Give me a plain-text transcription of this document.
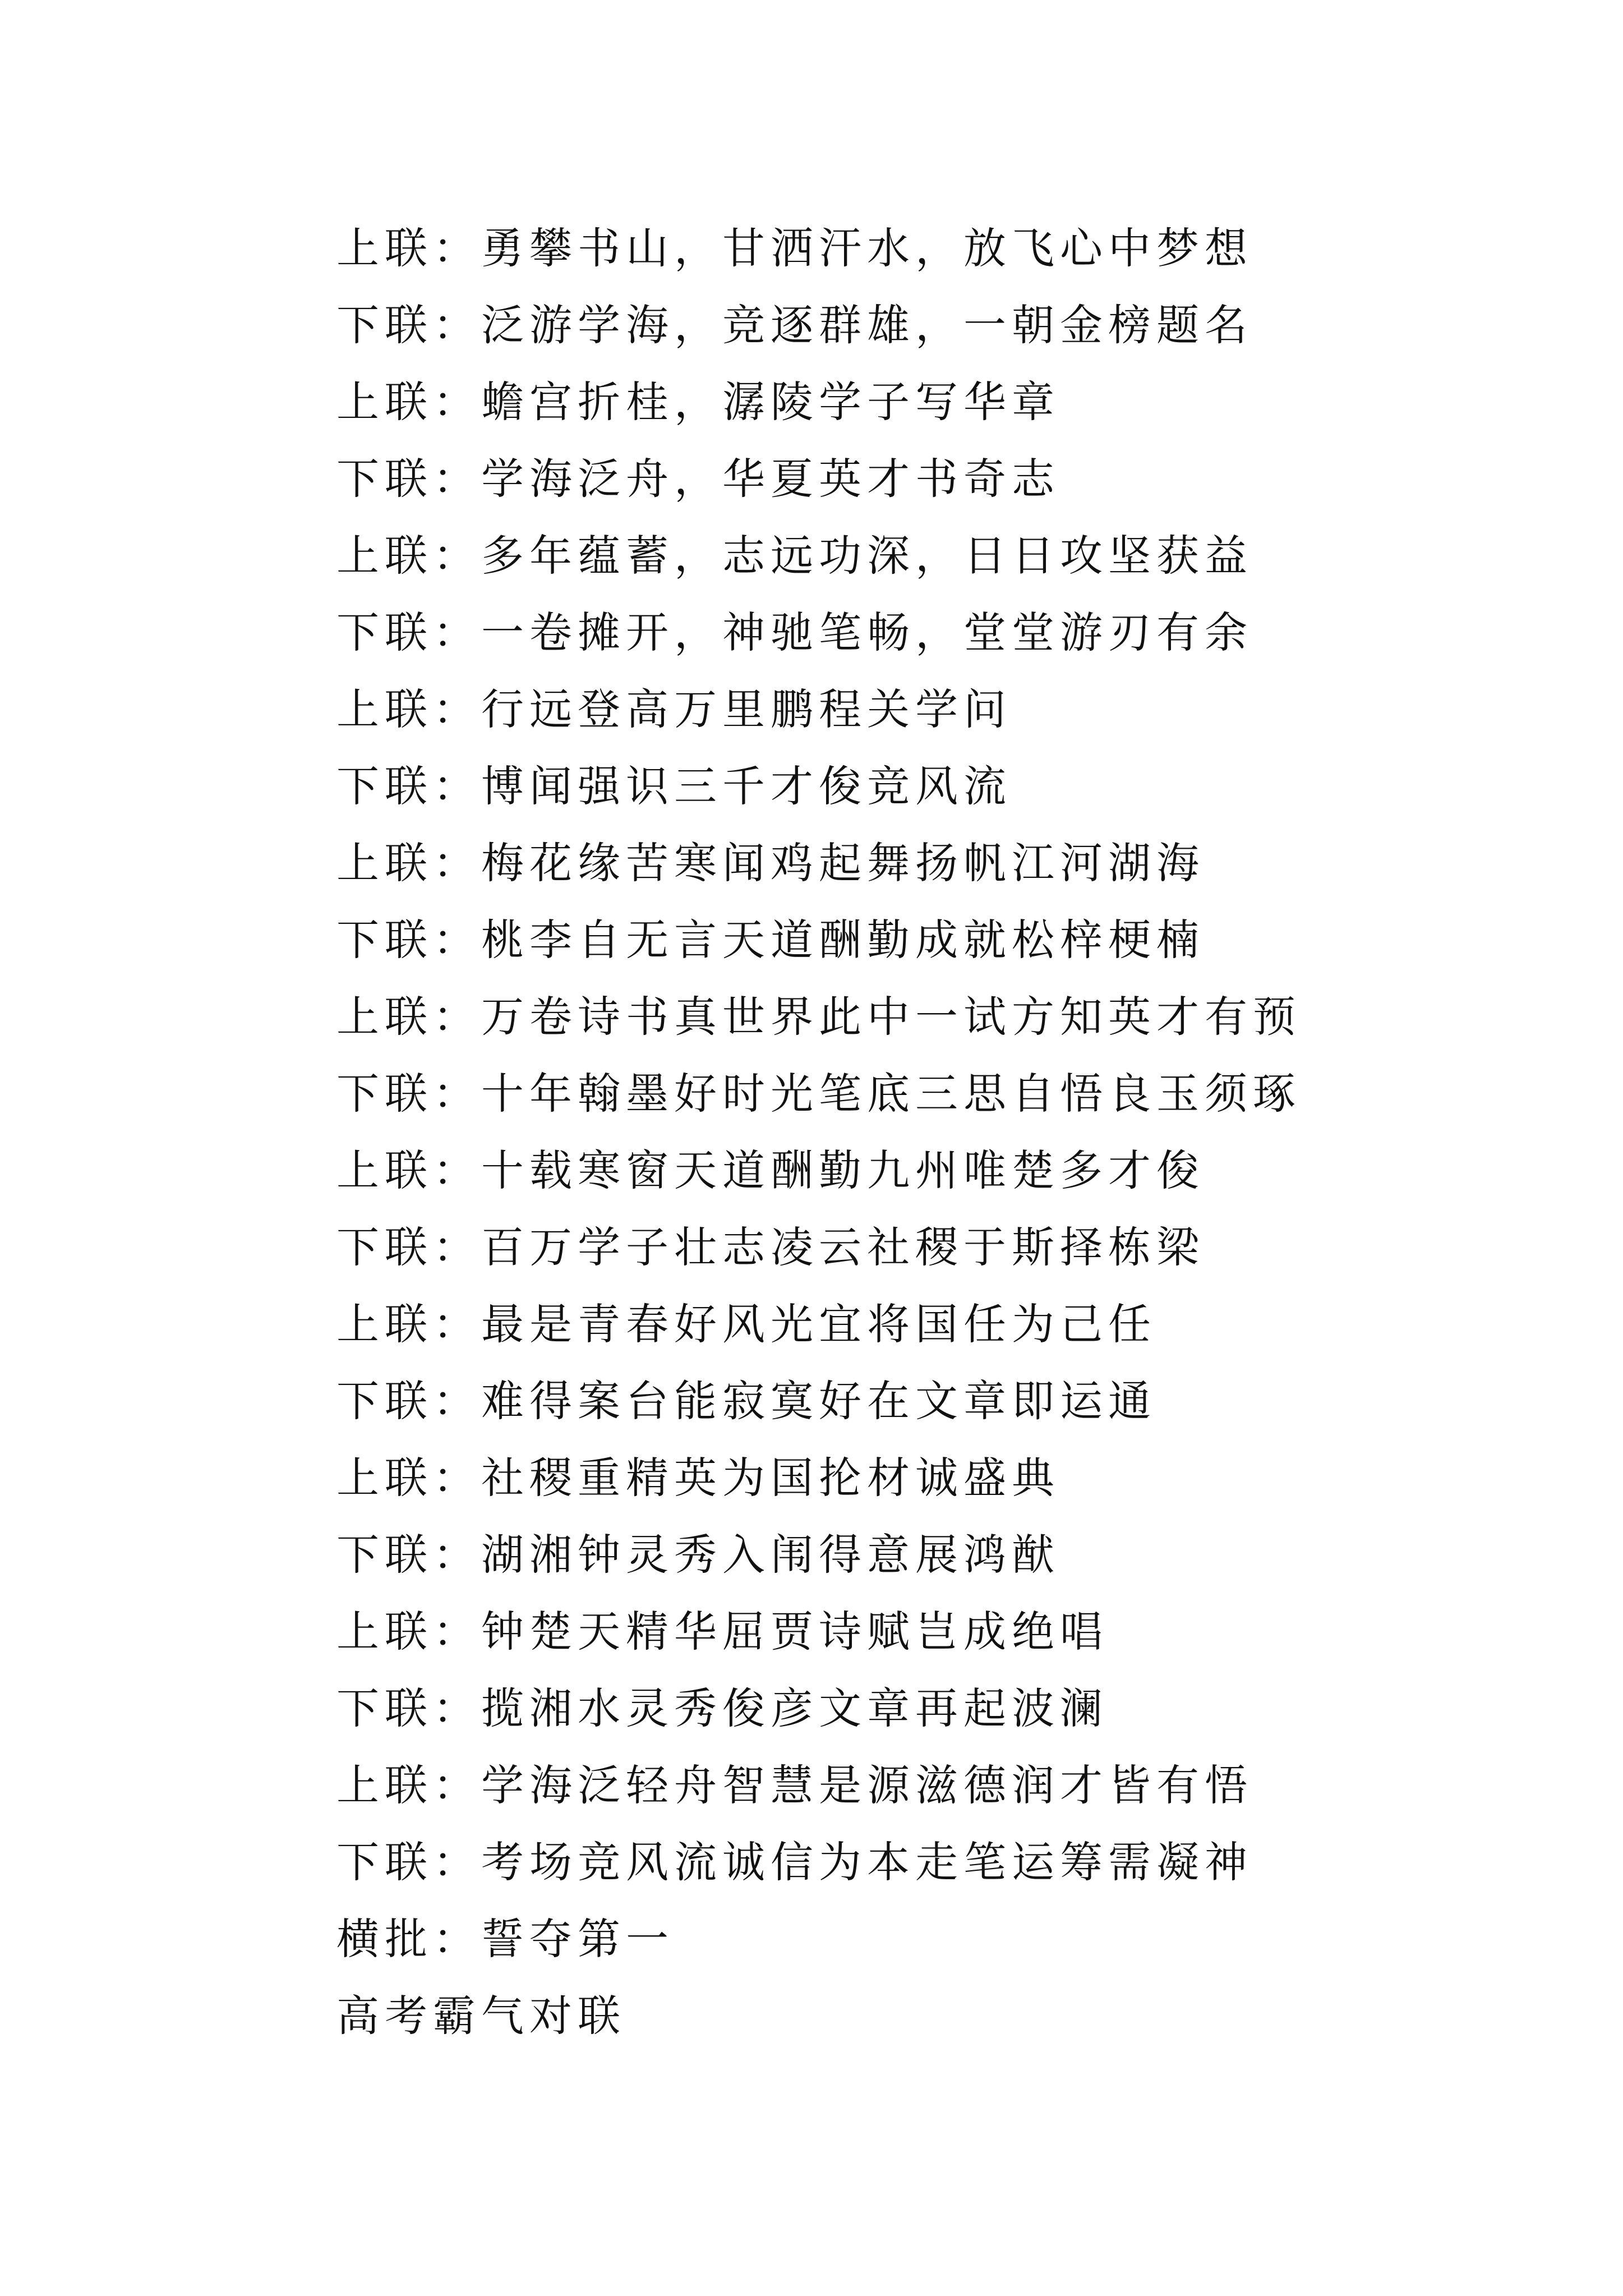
上联：勇攀书山，甘洒汗水，放飞心中梦想
下联：泛游学海，竞逐群雄，一朝金榜题名
上联：蟾宫折桂，潺陵学子写华章
下联：学海泛舟，华夏英才书奇志
上联：多年蕴蓄，志远功深，日日攻坚获益
下联：一卷摊开，神驰笔畅，堂堂游刃有余
上联：行远登高万里鹏程关学问
下联：博闻强识三千才俊竞风流
上联：梅花缘苦寒闻鸡起舞扬帆江河湖海
下联：桃李自无言天道酬勤成就松梓梗楠
上联：万卷诗书真世界此中一试方知英才有预
下联：十年翰墨好时光笔底三思自悟良玉须琢
上联：十载寒窗天道酬勤九州唯楚多才俊
下联：百万学子壮志凌云社稷于斯择栋梁
上联：最是青春好风光宜将国任为己任
下联：难得案台能寂寞好在文章即运通
上联：社稷重精英为国抡材诚盛典
下联：湖湘钟灵秀入闱得意展鸿猷
上联：钟楚天精华屈贾诗赋岂成绝唱
下联：揽湘水灵秀俊彦文章再起波澜
上联：学海泛轻舟智慧是源滋德润才皆有悟
下联：考场竞风流诚信为本走笔运筹需凝神
横批：誓夺第一
高考霸气对联
